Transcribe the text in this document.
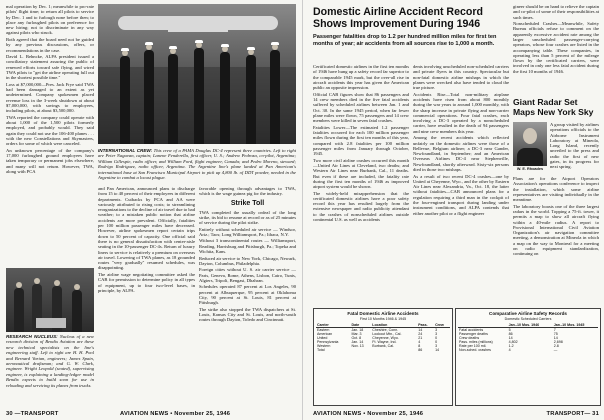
mal operation by Dec. 1; meanwhile to pro-rate pilots' flight time; to return all pilots to service by Dec. 1 and to furlough none before then; to place any furloughed pilots on preference for new hiring; not to discriminate in any way against pilots who struck.

Both agreed that the board need not be guided by any previous discussions, offers, or recommendations in the case.

David L. Behncke, ALPA president issued a conciliatory statement assuring the public of renewed efforts toward safe flying, and wired TWA pilots to "get the airline operating full out in the shortest possible time."

Loss at $7,000,000—Pres. Jack Frye said TWA had been damaged to an extent as yet undetermined. Company spokesmen placed revenue loss in the 3-week shutdown at about $7,000,000, with savings to employees, including pilots, at about $3,500,000.

TWA reported the company could operate with about 1,000 of the 1,500 pilots formerly employed, and probably would. They said again they could not use the 106-400 planes . . . with the new Constellations and Skymasters, orders for some of which were canceled.

An unknown percentage of the company's 17,000 furloughed ground employees have taken temporary or permanent jobs elsewhere, and many will not return. However, TWA, along with PCA

INTERNATIONAL CREW: This crew of a PAMA Douglas DC-4 represent three countries. Left to right are Peter Naguvan, captain; Lanene Fenderella, first officer, U. S.; Andrew Pedroza, co-pilot, Argentina; William Gillespie, radio officer, and William Ford, flight engineer, Canada; and Pedro Moreno, steward; Rodrigo Rodriguez, radio officer, Argentina. The Argentine line's plane landed at Pan American's international base at San Francisco Municipal Airport to pick up 4,800 lb. of DDT powder, needed in the Argentine to combat a locust plague.

and Pan American, announced plans to discharge from 15 to 40 percent of their employees in different departments. Cutbacks by PCA and AA were variously attributed to rising costs; to streamlining reorganizations to the decline of air travel due to bad weather; to a mistaken public notion that airline accidents are more prevalent. Officially, fatalities per 100 million passenger miles have decreased. However, airline spokesmen report certain trips down to 50 percent of capacity. One official said there is no general dissatisfaction with center-aisle seating in the 10-passenger DC-4s. Return of luxury liners to service is relatively a premium on overseas air travel. Lowering of TWA planes, as 18 grounded routes "very gradually" resumed schedules, was disappointing.

The airline wage negotiating committee asked the CAB for permission to determine policy in all types of equipment, up to four two-level bases, in principle, by ALPA.

favorable opening through advantages to TWA, which is the wage guinea pig for the industry.

Strike Toll

TWA completed the usually ordeal of the long strike, its bid to resume at record or as of 25 minutes of service during the pilot strike.

Entirely without scheduled air service — Windsor, Ariz.; Taos; Long Williamsport, Pa.; Ithaca, N.Y.

Without 3 transcontinental routes — Williamsport, Reading, Harrisburg and Pittsburgh, Pa.; Topeka and Wichita, Kans.

Reduced air service to New York, Chicago, Newark, Dayton, Columbus, Philadelphia.

Foreign cities without U. S. air carrier service — Paris, Geneva, Rome, Athens, Lisbon, Cairo, Tunis, Algiers, Tripoli, Bengasi, Dhahran.

Schedules operated 87 percent at Los Angeles, 90 percent at Albuquerque, 95 percent at Oklahoma City, 90 percent at St. Louis, 81 percent at Pittsburgh.

The strike also stopped the TWA dispatchers at St. Louis, Kansas City and St. Louis, and north-south routes through Dayton, Toledo and Cincinnati.

RESEARCH NUCLEUS: Nucleus of a new research division of Bendix Aviation are these new technical specialists on the line's engineering staff. Left to right are H. H. Pool and Bernard Varian, engineers; James Spain, aeronautical draftsman; and G. W. Clark, engineer. Wright Leopold (seated), supervising engineer, is explaining a landing-ledger model Bendix expects to build soon for use in reloading and servicing its planes from trucks.
30 —TRANSPORT	AVIATION NEWS • November 25, 1946
Domestic Airline Accident Record Shows Improvement During 1946
Passenger fatalities drop to 1.2 per hundred million miles for first ten months of year; air accidents from all sources rise to 1,000 a month.

Certificated domestic airlines in the first ten months of 1946 have hung up a safety record far superior to the comparable 1945 mark, but the over-all rise in aircraft accidents this year has given the American public an opposite impression.

Official CAB figures show that 86 passengers and 14 crew members died in the five fatal accidents suffered by scheduled airlines between Jan. 1 and Oct. 30. In the same 1945 period, when far fewer plane miles were flown, 75 passengers and 14 crew members were killed in seven fatal crashes.

Fatalities Lower—The estimated 1.2 passenger fatalities occurred for each 100 million passenger miles flown during the first ten months of this year, compared with 2.8 fatalities per 100 million passenger miles from January through October, 1945.

Two more civil airline crashes occurred this month—United Air Lines at Cleveland, two deaths; and Western Air Lines near Burbank, Cal., 11 deaths. But even if these are included, the fatality rate during the first ten months of 1946 as improved airport system would be shown.

The widely-held misapprehension that the certificated domestic airlines have a poor safety record this year has resulted largely from the extensive newspaper and radio publicity attendant to the crashes of nonscheduled airlines outside continental U.S. as well as accidents

dents involving unscheduled non-scheduled carriers and private flyers in this country. Spectacular but non-fatal domestic airline mishaps in which the planes were wrecked also have tended to cloud the true picture.

Accidents Rise—Total non-military airplane accidents have risen from about 800 monthly during the war years to around 1,000 monthly, with the sharp increase in private flying and non-carrier commercial operations. Four fatal crashes, each involving a DC-3 operated by a nonscheduled carrier, have resulted in the death of 94 passengers and nine crew members this year.

Among the recent accidents which reflected unfairly on the domestic airlines were those of a Bellevue, Belgium airliner; a DC-3 near Gander, Newfoundland, in September; and an American Overseas Airlines DC-4 near Stephenville, Newfoundland, shortly afterward. Sixty-six persons died in those two mishaps.

As a result of two recent DC-4 crashes—one by United at Cheyenne, Wyo., and the other by Eastern Air Lines near Alexandria, Va., Oct. 18, the latter without fatalities—CAB announced plans for a regulation requiring a third man in the cockpit of the four-engined transport during landing under instrument conditions, and ALPA contends that either another pilot or a flight engineer

gineer should be on hand to relieve the captain and co-pilot of some of their responsibilities at such times.

Nonscheduled Crashes—Meanwhile, Safety Bureau officials refuse to comment on the apparently excessive accident rate among the larger unscheduled passenger-carrying operators, whose four crashes are listed in the accompanying table. These companies, in operating less than 5 percent of the mileage flown by the certificated carriers, were involved in only one less fatal accident during the first 10 months of 1946.

Giant Radar Set Maps New York Sky
W. E. Rhoades

A group visited by airlines operations officials to the Airborne Instrument Laboratory at Mineola, Long Island, recently unveiled to the press and radio the first of new gates, in its progress for next spring.

Plans are for the Airport Operators Association's operations conference to inspect the installation, which some airline representatives are visiting individually in the meantime.

The laboratory boasts one of the three largest radars in the world. Topping a 75-ft. tower, it permits a map to show all aircraft flying within a 40-mile radius. A report to Provisional International Civil Aviation Organization's air navigation committee meeting, a demonstration at Mineola in which a map on the way to Montreal for a meeting on radio equipment standardization, continuing on

Fatal Domestic Airline Accidents
First 10 Months 1946 & 1945
Carrier	Date	Location	Pass.	Crew
Eastern	Jan. 18	Cheshire, Conn.	14	3
American	Mar. 3	Lookout Mtn., Cal.	24	3
United	Oct. 8	Cheyenne, Wyo.	21	0
Pennsylvania	Jan. 14	Ft. Wayne, Ind.	4	0
Western	Nov. 13	Burbank, Cal.	8	3
Total			86	14
Comparative Airline Safety Records
Domestic Scheduled Carriers
	Jan.-10 Mos. 1946	Jan.-10 Mos. 1945
Fatal accidents	5	7
Passenger deaths	86	75
Crew deaths	14	14
Pass. miles (millions)	4,802	2,698
Rate per 100 mil.	1.2	2.8
Non-sched. crashes	4	—
AVIATION NEWS • November 25, 1946	TRANSPORT— 31
